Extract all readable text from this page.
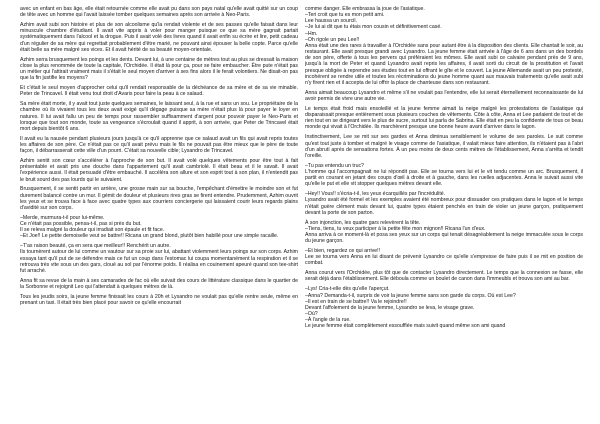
avec un enfant en bas âge, elle était retournée comme elle avait pu dans son pays natal qu'elle avait quitté sur un coup de tête avec un homme qui l'avait laissée tomber quelques semaines après son arrivée à Neo-Paris.

Azhim avait subi son histoire et plus de son alcoolisme qu'la rendait violente et de ses passes qu'elle faisait dans leur minuscule chambre d'étudiant. Il avait vite appris à voler pour manger puisque ce que sa mère gagnait partait systématiquement dans l'alcool et la drogue. Puis il avait volé des livres quand il avait enfin su écrire et lire, petit cadeau d'un régulier de sa mère qui regrettait probablement d'être marié, ne pouvant ainsi épouser la belle copte. Parce qu'elle était belle sa mère malgré ses vices. Et il avait hérité de sa beauté moyen-orientale.

Azhim serra brusquement les poings et les dents. Devant lui, à une centaine de mètres tout au plus se dressait la maison close la plus renommée de toute la capitale, l'Orchidée. Il était là pour ça, pour se faire embaucher. Être pute n'était pas un métier qui l'attirait vraiment mais il s'était le seul moyen d'arriver à ses fins alors il le ferait volontiers. Ne disait-on pas que la fin justifie les moyens?

Et c'était le seul moyen d'approcher celui qu'il rendait responsable de la déchéance de sa mère et de sa vie minable. Peter de Trincavel. Il était venu tout droit d'Avaris pour faire la peau à ce salaud.

Sa mère était morte, il y avait tout juste quelques semaines, le laissant seul, à la rue et sans un sou. Le propriétaire de la chambre où ils vivaient tous les deux avait exigé qu'il dégage puisque sa mère n'était plus là pour payer le loyer en natures. Il lui avait fallu un peu de temps pour rassembler suffisamment d'argent pour pouvoir payer le Neo-Paris et lorsque que tout son monde, toute sa vengeance s'écroulait quand il apprit, à son arrivée, que Peter de Trincavel était mort depuis bientôt 6 ans.

Il avait eu la nausée pendant plusieurs jours jusqu'à ce qu'il apprenne que ce salaud avait un fils qui avait repris toutes les affaires de son père. Ce n'était pas ce qu'il avait prévu mais le fils ne pouvait pas être mieux que le père de toute façon, il débarrasserait cette ville d'un pourri. C'était sa nouvelle cible; Lysandro de Trincavel.

Azhim sentit son cœur s'accélérer à l'approche de son but. Il avait volé quelques vêtements pour être tout à fait présentable et avait pris une douche dans l'appartement qu'il avait cambriolé. Il était beau et il le savait. Il avait l'expérience aussi. Il était persuadé d'être embauché. Il accéléra son allure et son esprit tout à son plan, il n'entendit pas le bruit sourd des pas lourds qui le suivaient.

Brusquement, il se sentit partir en arrière, une grosse main sur sa bouche, l'empêchant d'émettre le moindre son et fut durement balancé contre un mur. Il gémit de douleur et plusieurs rires gras se firent entendre. Prudemment, Azhim ouvrit les yeux et se trouva face à face avec quatre types aux courriers conciergerie qui laissaient courir leurs regards plains d'avidité sur son corps.

–Merde, murmura-t-il pour lui-même.

Ce n'était pas possible, pensa-t-il, pas si près du but.

Il se releva malgré la douleur qui irradiait son épaule et fit face.

–Et Joe!! Le petite demoiselle veut se battre!! Ricana un grand blond, plutôt bien habillé pour une simple racaille.

–T'as raison beauté, ça en sera que meilleur!! Renchérit un autre.

Ils tournèrent autour de lui comme un vautour sur sa proie sur lui, abattant violemment leurs poings sur son corps. Azhim essaya tant qu'il put de se défendre mais ce fut un coup dans l'estomac lui coupa momentanément la respiration et il se retrouva très vite sous un des gars, cloué au sol par l'énorme poids. Il réalisa en couinement apeuré quand son tee-shirt fut arraché.

Anna fit sa revue de la main à ses camarades de fac où elle suivait des cours de littérature classique dans le quartier de la Sorbonne et rejoignit Leo qui l'attendait à quelques mètres de là.

Tous les jeudis soirs, la jeune femme finissait les cours à 20h et Lysandro ne voulait pas qu'elle rentre seule, même en prenant un taxi. Il était très bien placé pour savoir ce qu'elle encourrait

comme danger. Elle embrassa la joue de l'asiatique.

–Teri croit que tu es mon petit ami.

Lee haussa un sourcil.

–Je lui ai dit que tu étais mon cousin et définitivement casé.

–Hm.

–Oh rigole un peu Lee!!

Anna était une des rares à travailler à l'Orchidée sans pour autant être à la disposition des clients. Elle chantait le soir, au restaurant. Elle avait presque grandi avec Lysandro. La jeune femme était arrivée à l'âge de 6 ans dans un des bordels de son père, offerte à tous les pervers qui préféraient les mômes. Elle avait subi ce calvaire pendant près de 9 ans, jusqu'à la mort de Peter et quand Lysandro avait repris les affaires, il avait sorti du circuit de la prostitution et l'avait presque obligée à reprendre ses études tout en lui offrant le gîte et le couvert. La jeune Allemande avait un peu protesté, incohérent se rendre utile et toutes les récriminations du jeune homme quant aux mauvais traitements qu'elle avait subi n'y firent rien et il accepta de lui offrir la place de chanteuse dans son restaurant.

Anna aimait beaucoup Lysandro et même s'il ne voulait pas l'entendre, elle lui serait éternellement reconnaissante de lui avoir permis de vivre une autre vie.

Le temps était froid mais ensoleillé et la jeune femme aimait la neige malgré les protestations de l'asiatique qui disparaissait presque entièrement sous plusieurs couches de vêtements. Côte à côte, Anna et Lee parlaient de tout et de rien tout en se dirigeant vers le plus de sucre, surtout lui parla de Sabrina. Elle était en peu la confidente de tous ce beau monde qui vivait à l'Orchidée. Ils marchèrent presque une bonne heure avant d'arriver dans le lagon.

Instinctivement, Lee se mit sur ses gardes et Anna diminua sensiblement le volume de ses paroles. Le suit comme qu'est tout juste à tomber et malgré le visage comme de l'asiatique, il valait mieux faire attention, ils n'étaient pas à l'abri d'un abrutí après de sensations fortes. À un peu moins de deux cents mètres de l'établissement, Anna s'arrêta et tendit l'oreille.

–Tu pas entendu un truc?

L'homme qui l'accompagnait ne lui répondit pas. Elle se tourna vers lui et le vit tendu comme un arc. Brusquement, il partit en courant en jetant des coups d'œil à droite et à gauche, dans les ruelles adjacentes. Anna le suivait aussi vite qu'elle le put et elle vit stopper quelques mètres devant elle.

–Hey!! Vous!! s'écria-t-il, les yeux écarquillés par l'incrédulité.

Lysandro avait été formel et les exemples avaient été nombreux pour dissuader ces pratiques dans le lagon et le temps n'était guère clément mais devant lui, quatre types étaient penchés en train de violer un jeune garçon, pratiquement devant la porte de son parton.

À son injonction, les quatre gars relevèrent la tête.

–Tiens, tiens, tu veux participer à la petite fête mon mignon!! Ricana l'un d'eux.

Anna arriva à ce moment-là et posa ses yeux sur un corps qui tenait désagréablement la neige immaculée sous le corps du jeune garçon.

–Et bien, regardez ce qui arrive!!

Lee se tourna vers Anna en lui disant de prévenir Lysandro ce qu'elle s'empresse de faire puis il se mit en position de combat.

Anna courut vers l'Orchidée, plus tôt que de contacter Lysandro directement. Le temps que la connexion se fasse, elle serait déjà dans l'établissement. Elle déboula comme un boulet de canon dans l'immeubls et trouva son ami au bar.

–Lys! Cria-t-elle dès qu'elle l'aperçut.

–Anna? Demanda-t-il, surpris de voir la jeune femme sans son garde du corps. Où est Lee?

–Il est en train de se battre!! Va le rejoindre!!

Devant l'affolement de la jeune femme, Lysandro se leva, le visage grave.

–Où?

–À l'angle de la rue.

Le jeune femme était complètement essoufflée mais suivit quand même son ami quand
